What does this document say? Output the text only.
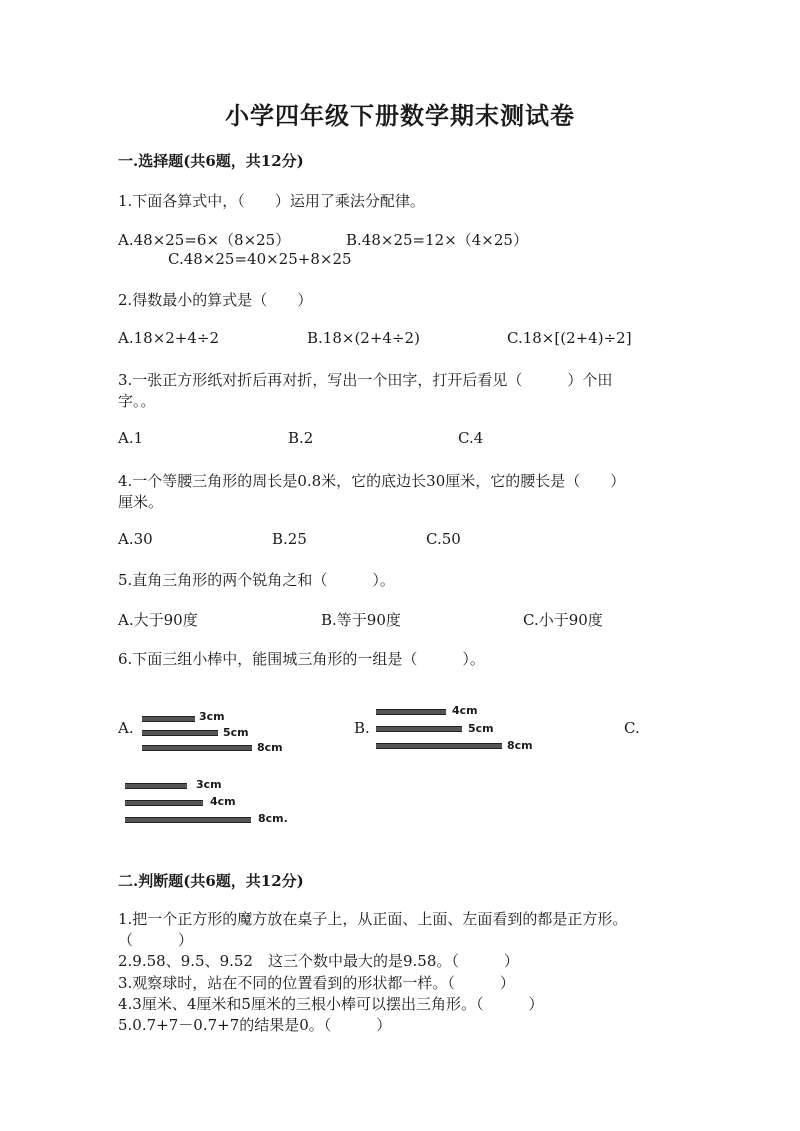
小学四年级下册数学期末测试卷
一.选择题(共6题，共12分)
1.下面各算式中，（　　）运用了乘法分配律。
A.48×25=6×（8×25）	B.48×25=12×（4×25）
C.48×25=40×25+8×25
2.得数最小的算式是（　　）
A.18×2+4÷2	B.18×(2+4÷2)	C.18×[(2+4)÷2]
3.一张正方形纸对折后再对折，写出一个田字，打开后看见（　　　）个田
字。。
A.1	B.2	C.4
4.一个等腰三角形的周长是0.8米，它的底边长30厘米，它的腰长是（　　）
厘米。
A.30	B.25	C.50
5.直角三角形的两个锐角之和（　　　）。
A.大于90度	B.等于90度	C.小于90度
6.下面三组小棒中，能围城三角形的一组是（　　　）。
A.
3cm
5cm
8cm
B.
4cm
5cm
8cm
C.
3cm
4cm
8cm.
二.判断题(共6题，共12分)
1.把一个正方形的魔方放在桌子上，从正面、上面、左面看到的都是正方形。
（　　　）
2.9.58、9.5、9.52　这三个数中最大的是9.58。（　　　）
3.观察球时，站在不同的位置看到的形状都一样。（　　　）
4.3厘米、4厘米和5厘米的三根小棒可以摆出三角形。（　　　）
5.0.7+7－0.7+7的结果是0。（　　　）
